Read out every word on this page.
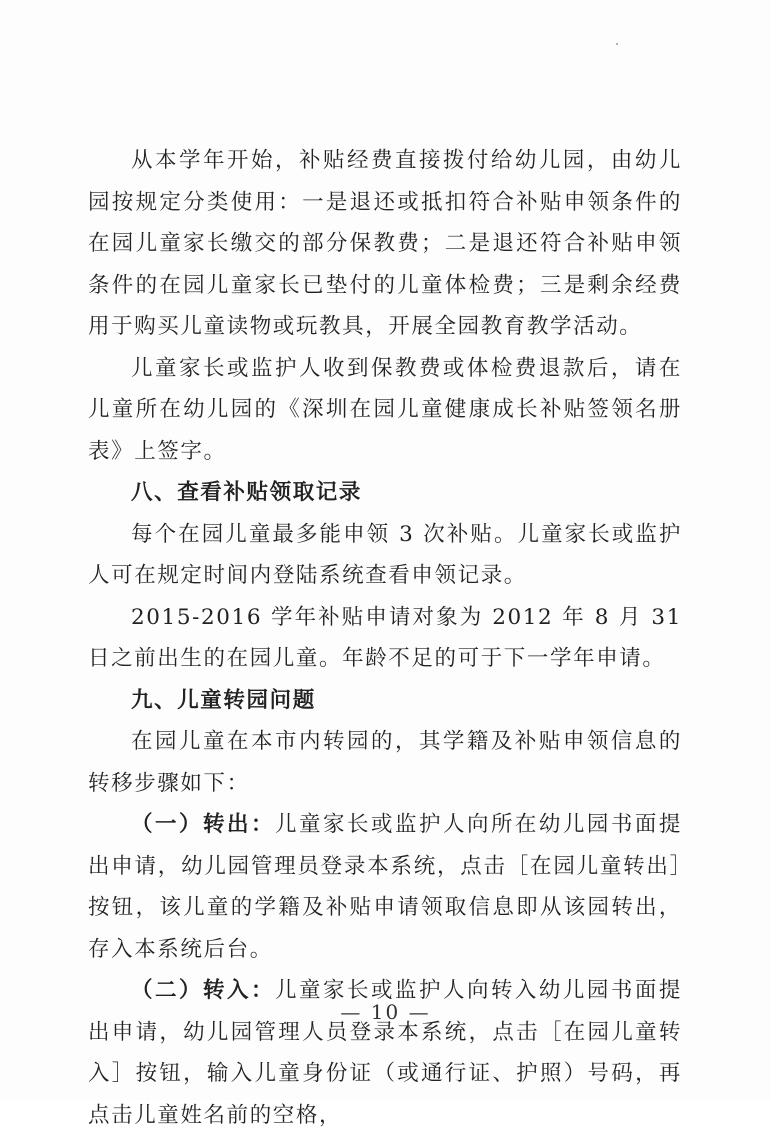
从本学年开始，补贴经费直接拨付给幼儿园，由幼儿园按规定分类使用：一是退还或抵扣符合补贴申领条件的在园儿童家长缴交的部分保教费；二是退还符合补贴申领条件的在园儿童家长已垫付的儿童体检费；三是剩余经费用于购买儿童读物或玩教具，开展全园教育教学活动。

儿童家长或监护人收到保教费或体检费退款后，请在儿童所在幼儿园的《深圳在园儿童健康成长补贴签领名册表》上签字。

八、查看补贴领取记录

每个在园儿童最多能申领 3 次补贴。儿童家长或监护人可在规定时间内登陆系统查看申领记录。

2015-2016 学年补贴申请对象为 2012 年 8 月 31 日之前出生的在园儿童。年龄不足的可于下一学年申请。

九、儿童转园问题

在园儿童在本市内转园的，其学籍及补贴申领信息的转移步骤如下：

（一）转出：儿童家长或监护人向所在幼儿园书面提出申请，幼儿园管理员登录本系统，点击［在园儿童转出］按钮，该儿童的学籍及补贴申请领取信息即从该园转出，存入本系统后台。

（二）转入：儿童家长或监护人向转入幼儿园书面提出申请，幼儿园管理人员登录本系统，点击［在园儿童转入］按钮，输入儿童身份证（或通行证、护照）号码，再点击儿童姓名前的空格，

— 10 —
